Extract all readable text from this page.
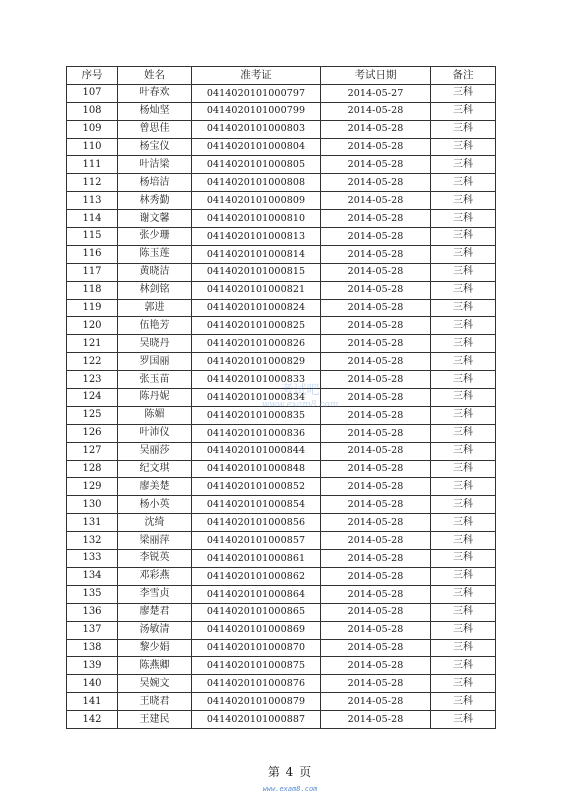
序号	姓名	准考证	考试日期	备注
107	叶春欢	0414020101000797	2014-05-27	三科
108	杨灿坚	0414020101000799	2014-05-28	三科
109	曾思佳	0414020101000803	2014-05-28	三科
110	杨宝仪	0414020101000804	2014-05-28	三科
111	叶洁梁	0414020101000805	2014-05-28	三科
112	杨培洁	0414020101000808	2014-05-28	三科
113	林秀勤	0414020101000809	2014-05-28	三科
114	谢文馨	0414020101000810	2014-05-28	三科
115	张少珊	0414020101000813	2014-05-28	三科
116	陈玉莲	0414020101000814	2014-05-28	三科
117	黄晓洁	0414020101000815	2014-05-28	三科
118	林剑铭	0414020101000821	2014-05-28	三科
119	郭进	0414020101000824	2014-05-28	三科
120	伍艳芳	0414020101000825	2014-05-28	三科
121	吴晓丹	0414020101000826	2014-05-28	三科
122	罗国丽	0414020101000829	2014-05-28	三科
123	张玉苗	0414020101000833	2014-05-28	三科
124	陈丹妮	0414020101000834	2014-05-28	三科
125	陈媚	0414020101000835	2014-05-28	三科
126	叶沛仪	0414020101000836	2014-05-28	三科
127	吴丽莎	0414020101000844	2014-05-28	三科
128	纪文琪	0414020101000848	2014-05-28	三科
129	廖美楚	0414020101000852	2014-05-28	三科
130	杨小英	0414020101000854	2014-05-28	三科
131	沈绮	0414020101000856	2014-05-28	三科
132	梁丽萍	0414020101000857	2014-05-28	三科
133	李锐英	0414020101000861	2014-05-28	三科
134	邓彩燕	0414020101000862	2014-05-28	三科
135	李雪贞	0414020101000864	2014-05-28	三科
136	廖楚君	0414020101000865	2014-05-28	三科
137	汤敏清	0414020101000869	2014-05-28	三科
138	黎少娟	0414020101000870	2014-05-28	三科
139	陈燕卿	0414020101000875	2014-05-28	三科
140	吴婉文	0414020101000876	2014-05-28	三科
141	王晓君	0414020101000879	2014-05-28	三科
142	王建民	0414020101000887	2014-05-28	三科
考试吧
www.exam8.com
第 4 页
www.exam8.com
